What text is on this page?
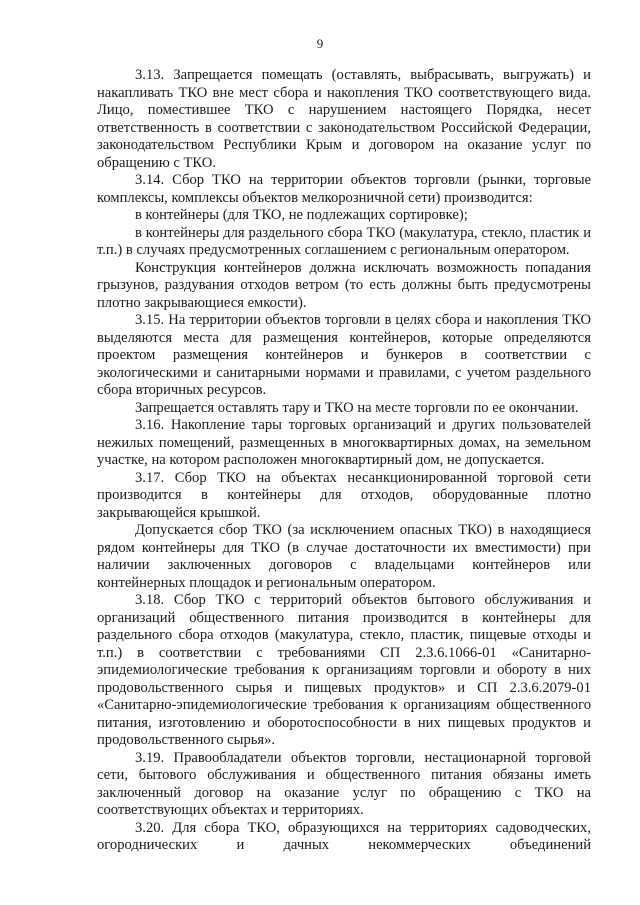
9

3.13. Запрещается помещать (оставлять, выбрасывать, выгружать) и накапливать ТКО вне мест сбора и накопления ТКО соответствующего вида. Лицо, поместившее ТКО с нарушением настоящего Порядка, несет ответственность в соответствии с законодательством Российской Федерации, законодательством Республики Крым и договором на оказание услуг по обращению с ТКО.

3.14. Сбор ТКО на территории объектов торговли (рынки, торговые комплексы, комплексы объектов мелкорозничной сети) производится:

в контейнеры (для ТКО, не подлежащих сортировке);

в контейнеры для раздельного сбора ТКО (макулатура, стекло, пластик и т.п.) в случаях предусмотренных соглашением с региональным оператором.

Конструкция контейнеров должна исключать возможность попадания грызунов, раздувания отходов ветром (то есть должны быть предусмотрены плотно закрывающиеся емкости).

3.15. На территории объектов торговли в целях сбора и накопления ТКО выделяются места для размещения контейнеров, которые определяются проектом размещения контейнеров и бункеров в соответствии с экологическими и санитарными нормами и правилами, с учетом раздельного сбора вторичных ресурсов.

Запрещается оставлять тару и ТКО на месте торговли по ее окончании.

3.16. Накопление тары торговых организаций и других пользователей нежилых помещений, размещенных в многоквартирных домах, на земельном участке, на котором расположен многоквартирный дом, не допускается.

3.17. Сбор ТКО на объектах несанкционированной торговой сети производится в контейнеры для отходов, оборудованные плотно закрывающейся крышкой.

Допускается сбор ТКО (за исключением опасных ТКО) в находящиеся рядом контейнеры для ТКО (в случае достаточности их вместимости) при наличии заключенных договоров с владельцами контейнеров или контейнерных площадок и региональным оператором.

3.18. Сбор ТКО с территорий объектов бытового обслуживания и организаций общественного питания производится в контейнеры для раздельного сбора отходов (макулатура, стекло, пластик, пищевые отходы и т.п.) в соответствии с требованиями СП 2.3.6.1066-01 «Санитарно-эпидемиологические требования к организациям торговли и обороту в них продовольственного сырья и пищевых продуктов» и СП 2.3.6.2079-01 «Санитарно-эпидемиологические требования к организациям общественного питания, изготовлению и оборотоспособности в них пищевых продуктов и продовольственного сырья».

3.19. Правообладатели объектов торговли, нестационарной торговой сети, бытового обслуживания и общественного питания обязаны иметь заключенный договор на оказание услуг по обращению с ТКО на соответствующих объектах и территориях.

3.20. Для сбора ТКО, образующихся на территориях садоводческих, огороднических и дачных некоммерческих объединений
